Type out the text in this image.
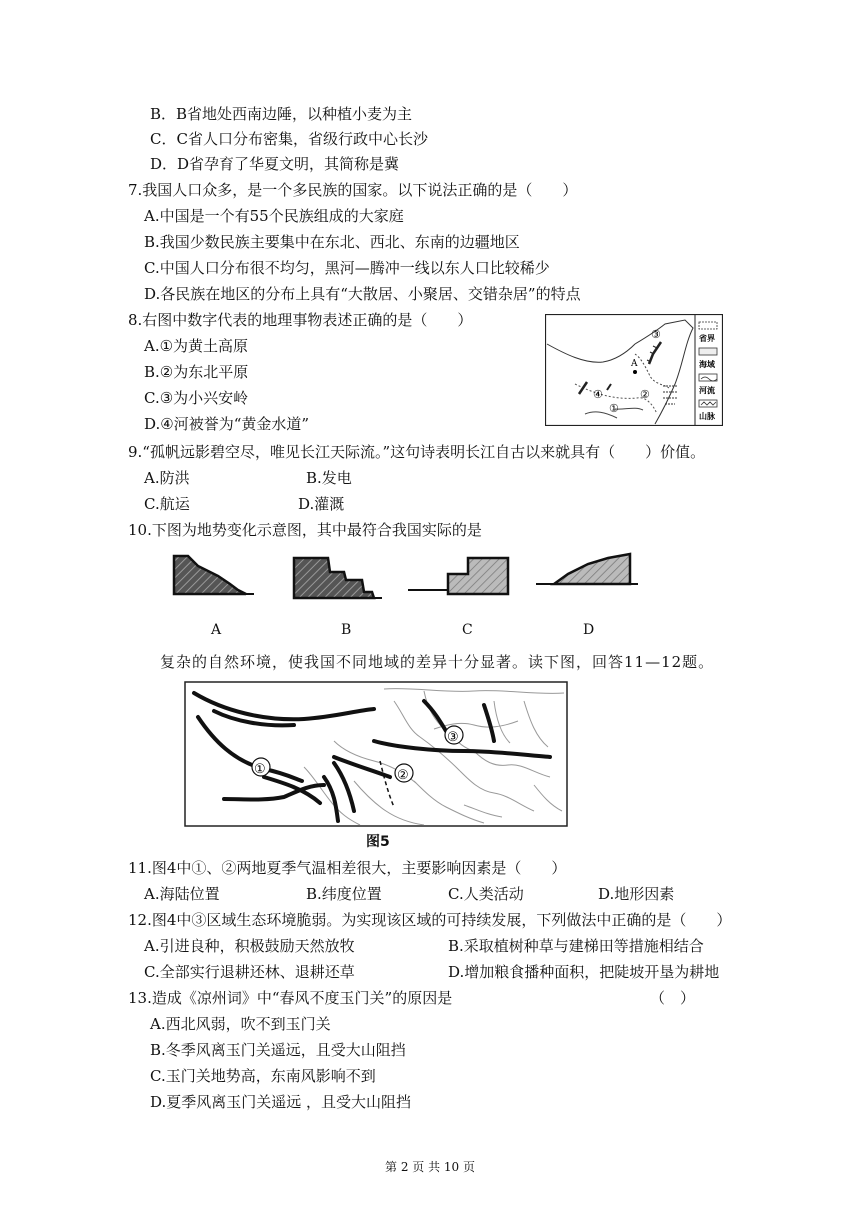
B．B省地处西南边陲，以种植小麦为主
C．C省人口分布密集，省级行政中心长沙
D．D省孕育了华夏文明，其简称是冀
7.我国人口众多，是一个多民族的国家。以下说法正确的是（　　）
A.中国是一个有55个民族组成的大家庭
B.我国少数民族主要集中在东北、西北、东南的边疆地区
C.中国人口分布很不均匀，黑河—腾冲一线以东人口比较稀少
D.各民族在地区的分布上具有“大散居、小聚居、交错杂居”的特点
8.右图中数字代表的地理事物表述正确的是（　　）
A.①为黄土高原
B.②为东北平原
C.③为小兴安岭
D.④河被誉为“黄金水道”
A
③
②
①
④
省界
海域
河流
山脉
9.“孤帆远影碧空尽，唯见长江天际流。”这句诗表明长江自古以来就具有（　　）价值。
A.防洪	B.发电
C.航运	D.灌溉
10.下图为地势变化示意图，其中最符合我国实际的是
A	B	C	D
复杂的自然环境，使我国不同地域的差异十分显著。读下图，回答11—12题。
①	②
③
图5
11.图4中①、②两地夏季气温相差很大，主要影响因素是（　　）
A.海陆位置	B.纬度位置	C.人类活动	D.地形因素
12.图4中③区域生态环境脆弱。为实现该区域的可持续发展，下列做法中正确的是（　　）
A.引进良种，积极鼓励天然放牧	B.采取植树种草与建梯田等措施相结合
C.全部实行退耕还林、退耕还草	D.增加粮食播种面积，把陡坡开垦为耕地
13.造成《凉州词》中“春风不度玉门关”的原因是	（　）
A.西北风弱，吹不到玉门关
B.冬季风离玉门关遥远，且受大山阻挡
C.玉门关地势高，东南风影响不到
D.夏季风离玉门关遥远 ，且受大山阻挡
第 2 页 共 10 页
